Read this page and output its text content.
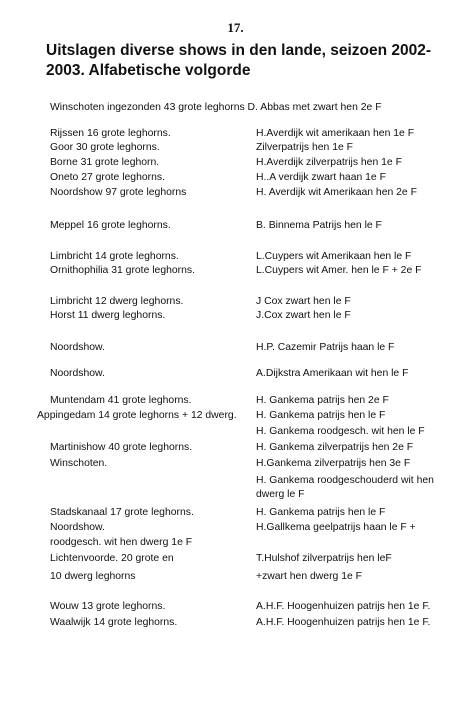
17.
Uitslagen diverse shows in den lande, seizoen 2002-2003. Alfabetische volgorde
Winschoten ingezonden 43 grote leghorns D. Abbas met zwart hen 2e F
Rijssen 16 grote leghorns.	H.Averdijk wit amerikaan hen 1e F
Goor 30 grote leghorns.	Zilverpatrijs hen 1e F
Borne 31 grote leghorn.	H.Averdijk zilverpatrijs hen 1e F
Oneto 27 grote leghorns.	H..A verdijk zwart haan 1e F
Noordshow 97 grote leghorns	H. Averdijk wit Amerikaan hen 2e F
Meppel 16 grote leghorns.	B. Binnema Patrijs hen le F
Limbricht 14 grote leghorns.	L.Cuypers wit Amerikaan hen le F
Ornithophilia 31 grote leghorns.	L.Cuypers wit Amer. hen le F + 2e F
Limbricht 12 dwerg leghorns.	J Cox zwart hen le F
Horst 11 dwerg leghorns.	J.Cox zwart hen le F
Noordshow.	H.P. Cazemir Patrijs haan le F
Noordshow.	A.Dijkstra Amerikaan wit hen le F
Muntendam 41 grote leghorns.	H. Gankema patrijs hen 2e F
Appingedam 14 grote leghorns + 12 dwerg. H. Gankema patrijs hen le F
H. Gankema roodgesch. wit hen le F
Martinishow 40 grote leghorns.	H. Gankema zilverpatrijs hen 2e F
Winschoten.	H.Gankema zilverpatrijs hen 3e F
H. Gankema roodgeschouderd wit hen dwerg le F
Stadskanaal 17 grote leghorns.	H. Gankema patrijs hen le F
Noordshow.	H.Gallkema geelpatrijs haan le F +
roodgesch. wit hen dwerg 1e F
Lichtenvoorde. 20 grote en	T.Hulshof zilverpatrijs hen leF
10 dwerg leghorns	+zwart hen dwerg 1e F
Wouw 13 grote leghorns.	A.H.F. Hoogenhuizen patrijs hen 1e F.
Waalwijk 14 grote leghorns.	A.H.F. Hoogenhuizen patrijs hen 1e F.
